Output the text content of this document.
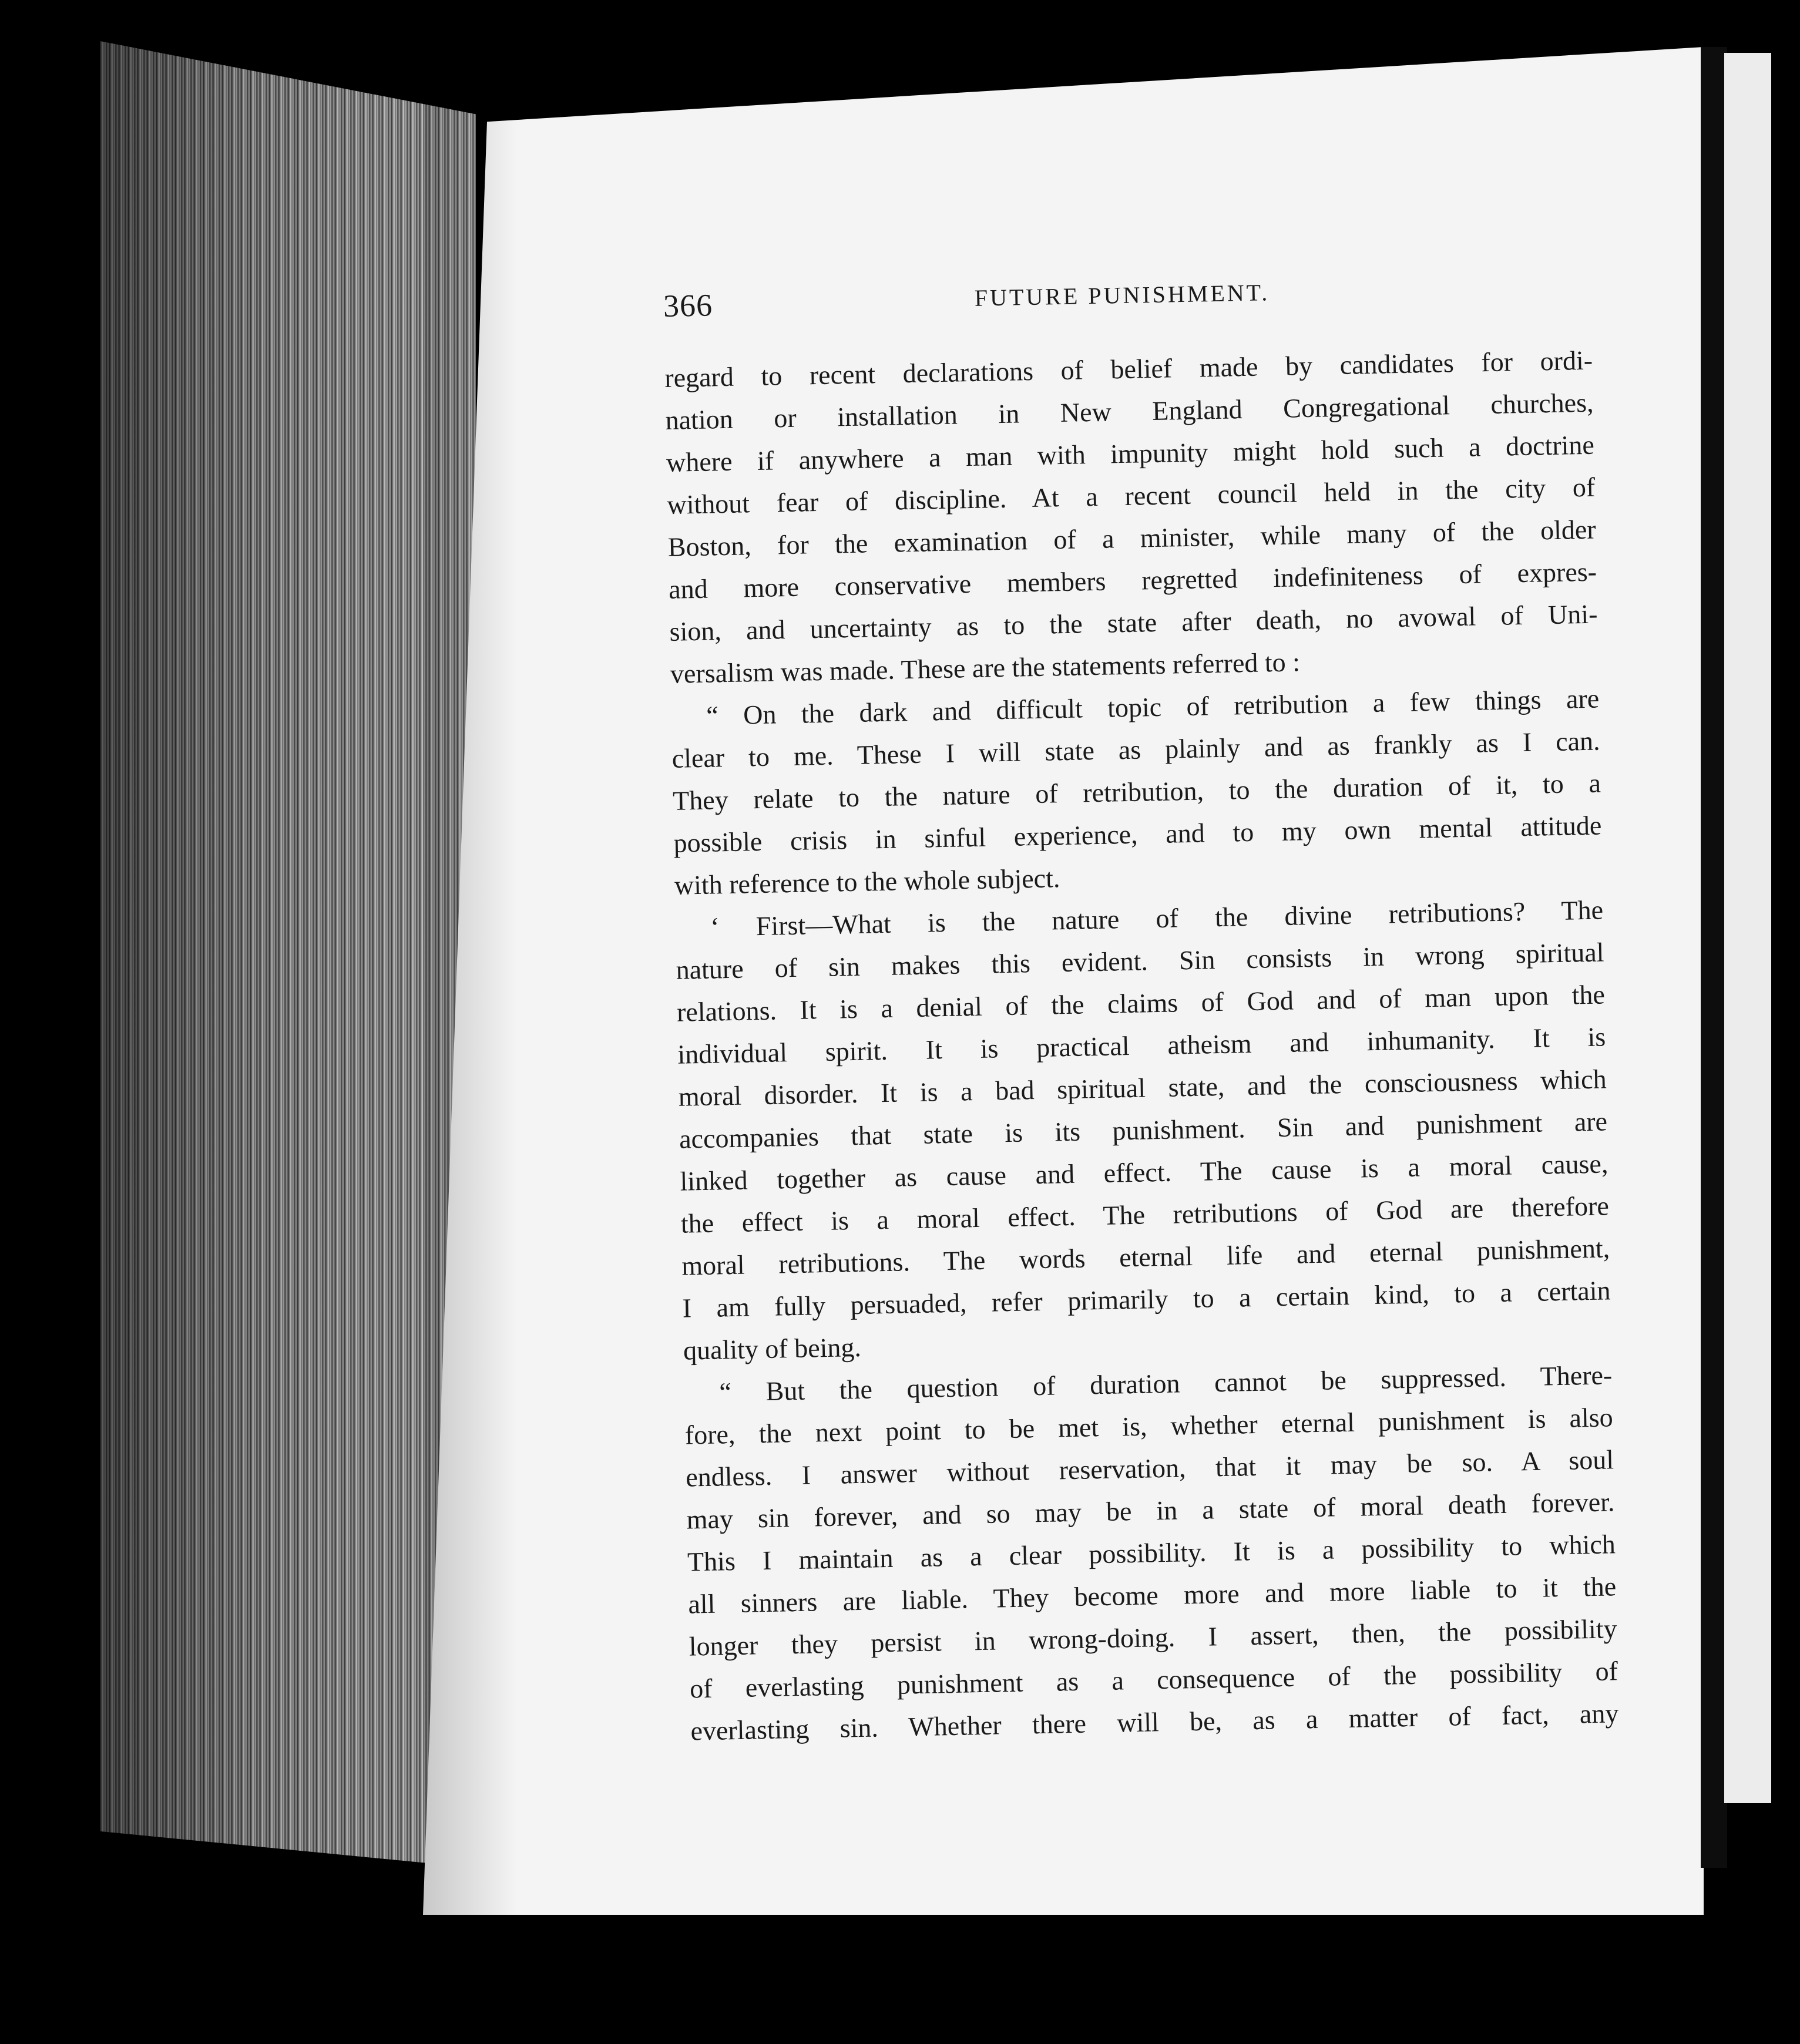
366	FUTURE PUNISHMENT.
regard to recent declarations of belief made by candidates for ordi-
nation or installation in New England Congregational churches,
where if anywhere a man with impunity might hold such a doctrine
without fear of discipline. At a recent council held in the city of
Boston, for the examination of a minister, while many of the older
and more conservative members regretted indefiniteness of expres-
sion, and uncertainty as to the state after death, no avowal of Uni-
versalism was made. These are the statements referred to :
“ On the dark and difficult topic of retribution a few things are
clear to me. These I will state as plainly and as frankly as I can.
They relate to the nature of retribution, to the duration of it, to a
possible crisis in sinful experience, and to my own mental attitude
with reference to the whole subject.
‘ First—What is the nature of the divine retributions? The
nature of sin makes this evident. Sin consists in wrong spiritual
relations. It is a denial of the claims of God and of man upon the
individual spirit. It is practical atheism and inhumanity. It is
moral disorder. It is a bad spiritual state, and the consciousness which
accompanies that state is its punishment. Sin and punishment are
linked together as cause and effect. The cause is a moral cause,
the effect is a moral effect. The retributions of God are therefore
moral retributions. The words eternal life and eternal punishment,
I am fully persuaded, refer primarily to a certain kind, to a certain
quality of being.
“ But the question of duration cannot be suppressed. There-
fore, the next point to be met is, whether eternal punishment is also
endless. I answer without reservation, that it may be so. A soul
may sin forever, and so may be in a state of moral death forever.
This I maintain as a clear possibility. It is a possibility to which
all sinners are liable. They become more and more liable to it the
longer they persist in wrong-doing. I assert, then, the possibility
of everlasting punishment as a consequence of the possibility of
everlasting sin. Whether there will be, as a matter of fact, any
